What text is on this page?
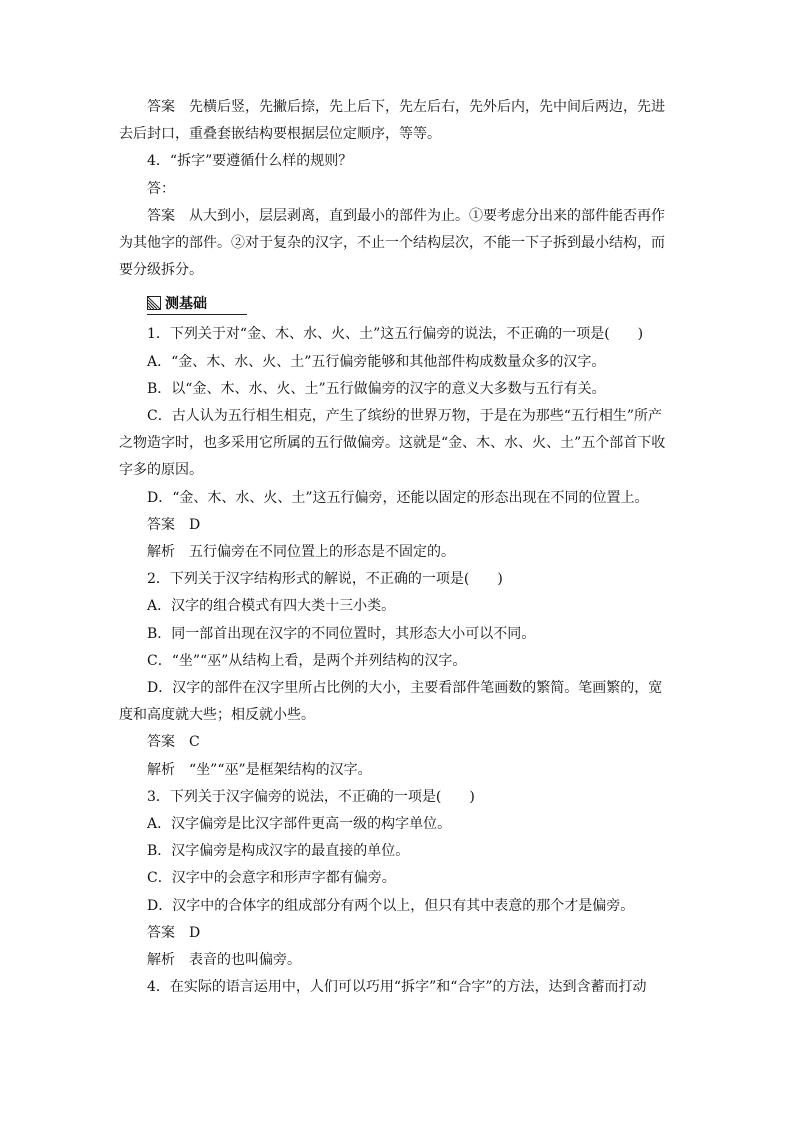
答案　先横后竖，先撇后捺，先上后下，先左后右，先外后内，先中间后两边，先进去后封口，重叠套嵌结构要根据层位定顺序，等等。

4．“拆字”要遵循什么样的规则？

答：

答案　从大到小，层层剥离，直到最小的部件为止。①要考虑分出来的部件能否再作为其他字的部件。②对于复杂的汉字，不止一个结构层次，不能一下子拆到最小结构，而要分级拆分。

测基础

1．下列关于对“金、木、水、火、土”这五行偏旁的说法，不正确的一项是(　　)

A．“金、木、水、火、土”五行偏旁能够和其他部件构成数量众多的汉字。

B．以“金、木、水、火、土”五行做偏旁的汉字的意义大多数与五行有关。

C．古人认为五行相生相克，产生了缤纷的世界万物，于是在为那些“五行相生”所产之物造字时，也多采用它所属的五行做偏旁。这就是“金、木、水、火、土”五个部首下收字多的原因。

D．“金、木、水、火、土”这五行偏旁，还能以固定的形态出现在不同的位置上。

答案　D

解析　五行偏旁在不同位置上的形态是不固定的。

2．下列关于汉字结构形式的解说，不正确的一项是(　　)

A．汉字的组合模式有四大类十三小类。

B．同一部首出现在汉字的不同位置时，其形态大小可以不同。

C．“坐”“巫”从结构上看，是两个并列结构的汉字。

D．汉字的部件在汉字里所占比例的大小，主要看部件笔画数的繁简。笔画繁的，宽度和高度就大些；相反就小些。

答案　C

解析　“坐”“巫”是框架结构的汉字。

3．下列关于汉字偏旁的说法，不正确的一项是(　　)

A．汉字偏旁是比汉字部件更高一级的构字单位。

B．汉字偏旁是构成汉字的最直接的单位。

C．汉字中的会意字和形声字都有偏旁。

D．汉字中的合体字的组成部分有两个以上，但只有其中表意的那个才是偏旁。

答案　D

解析　表音的也叫偏旁。

4．在实际的语言运用中，人们可以巧用“拆字”和“合字”的方法，达到含蓄而打动
